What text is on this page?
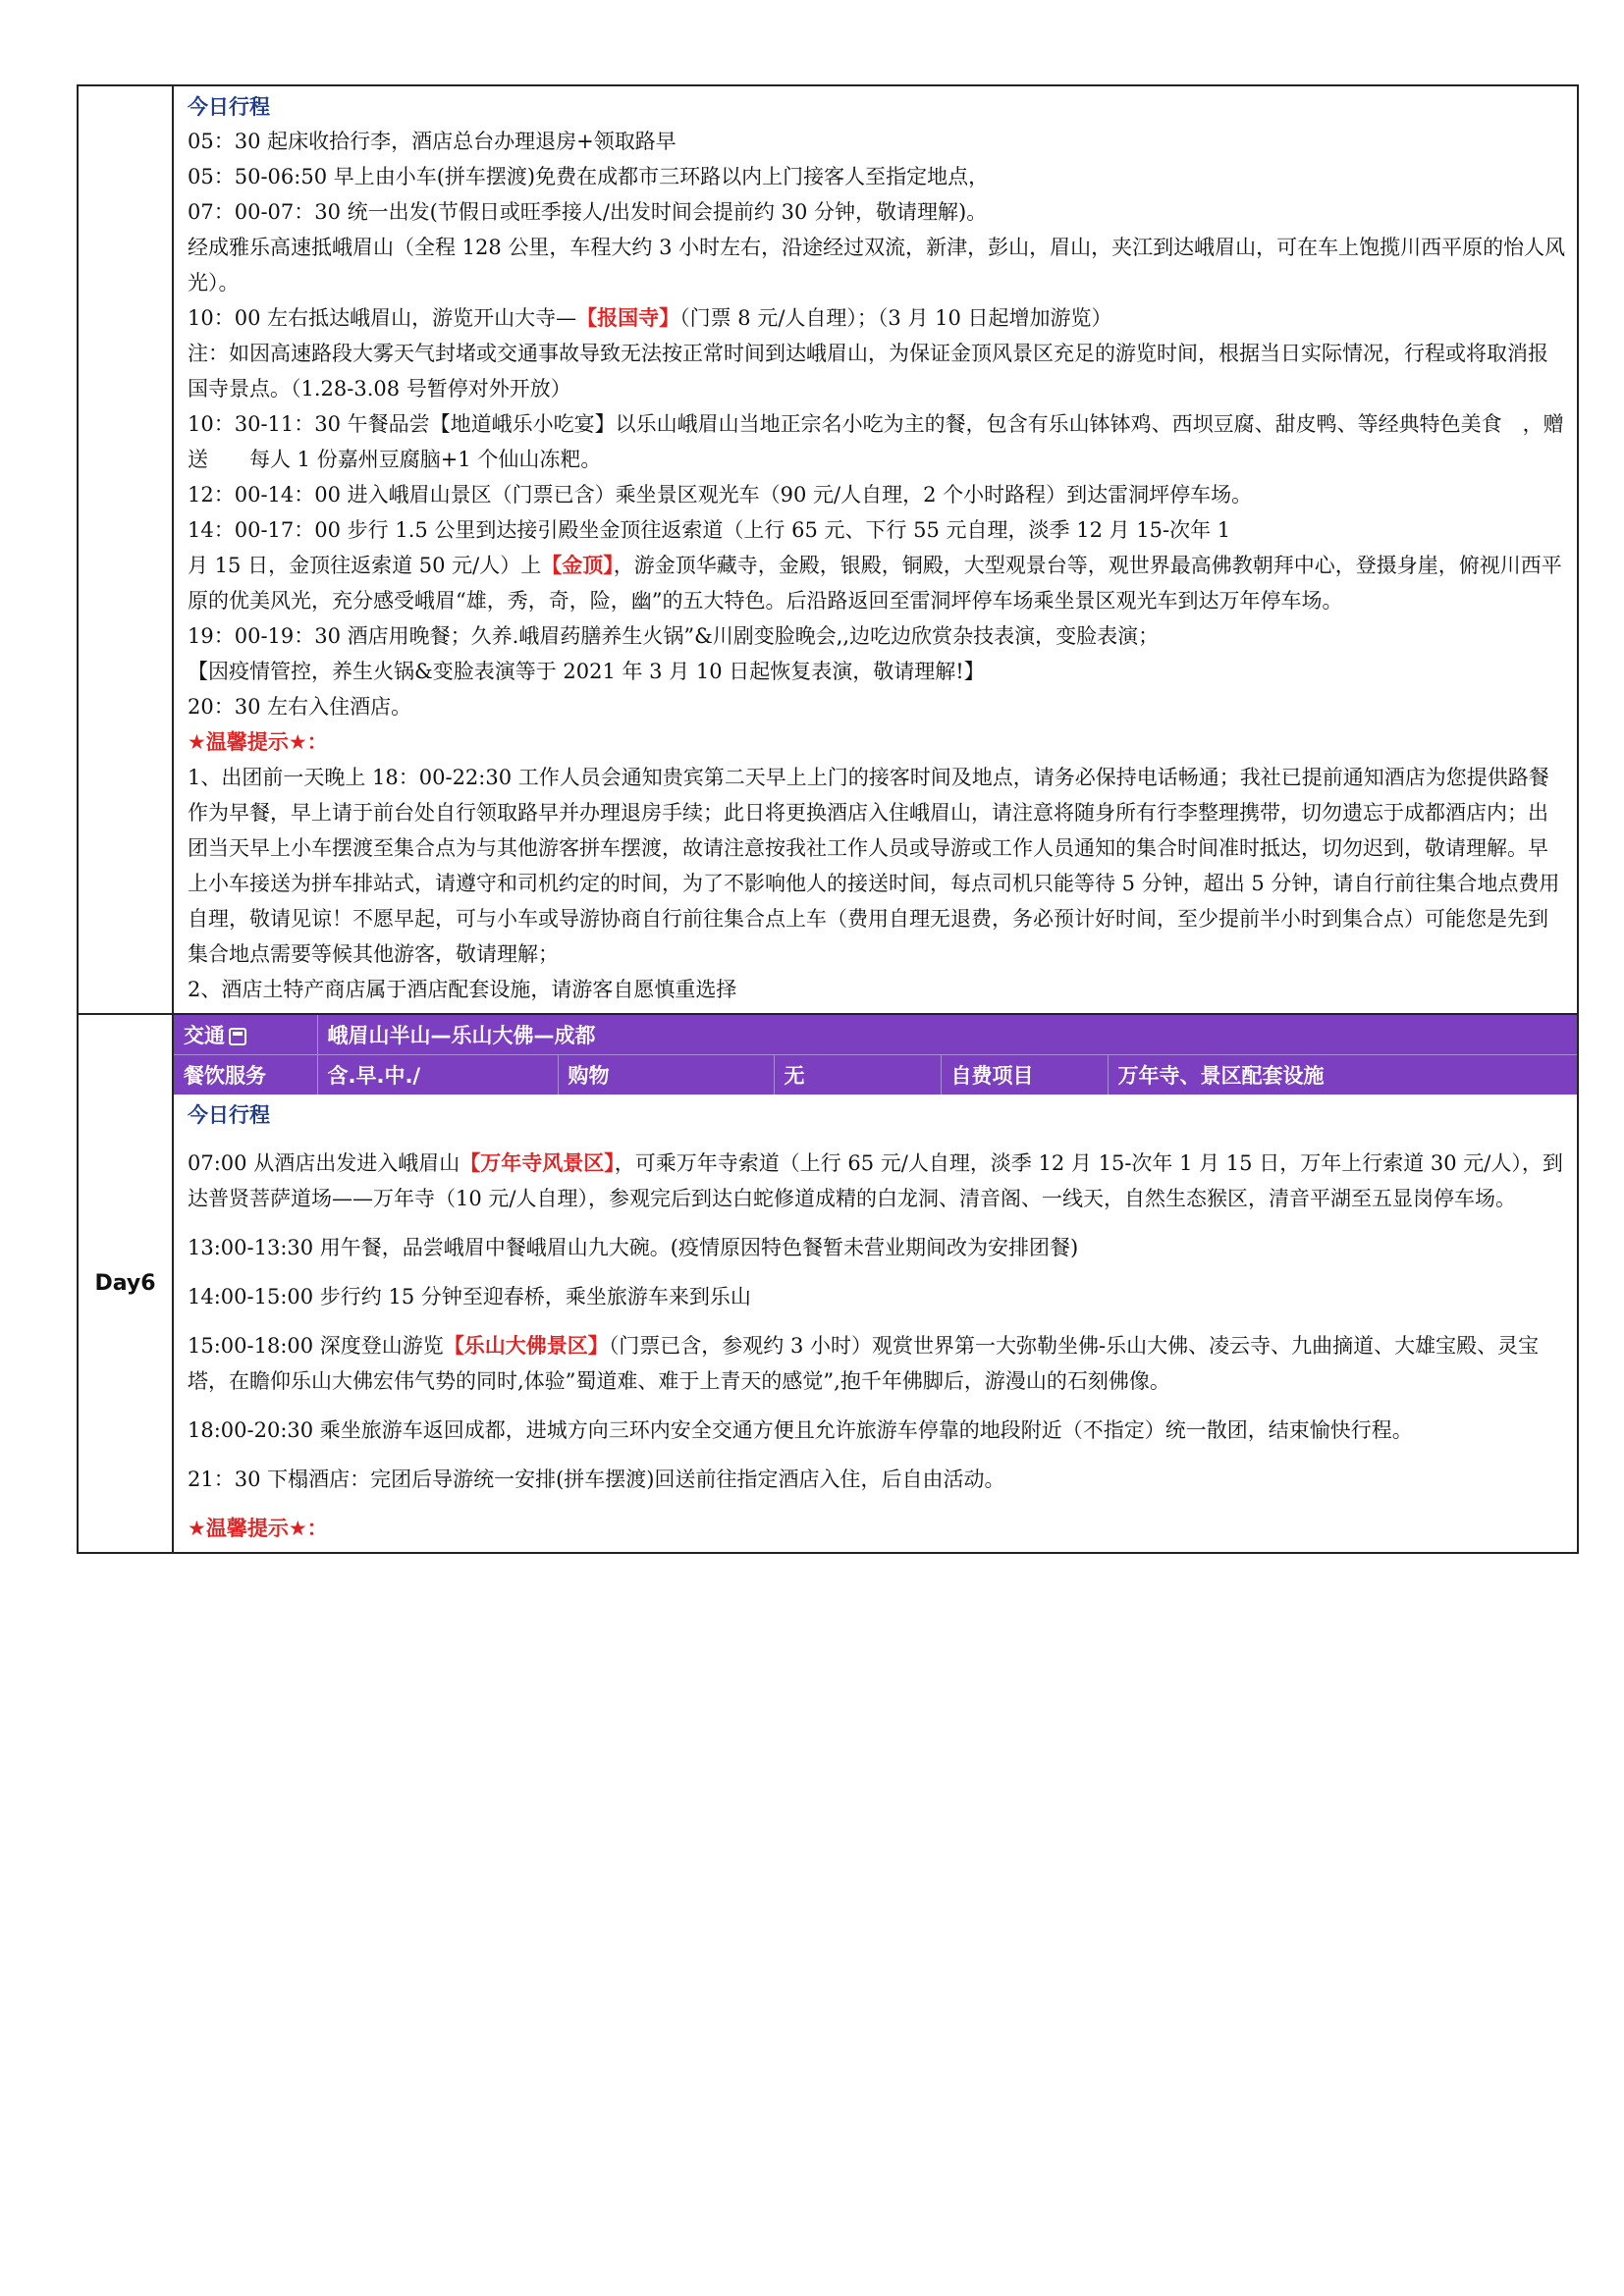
今日行程

05：30 起床收拾行李，酒店总台办理退房+领取路早

05：50-06:50 早上由小车(拼车摆渡)免费在成都市三环路以内上门接客人至指定地点，

07：00-07：30 统一出发(节假日或旺季接人/出发时间会提前约 30 分钟，敬请理解)。

经成雅乐高速抵峨眉山（全程 128 公里，车程大约 3 小时左右，沿途经过双流，新津，彭山，眉山，夹江到达峨眉山，可在车上饱揽川西平原的怡人风光）。

10：00 左右抵达峨眉山，游览开山大寺—【报国寺】（门票 8 元/人自理）；（3 月 10 日起增加游览）

注：如因高速路段大雾天气封堵或交通事故导致无法按正常时间到达峨眉山，为保证金顶风景区充足的游览时间，根据当日实际情况，行程或将取消报国寺景点。（1.28-3.08 号暂停对外开放）

10：30-11：30 午餐品尝【地道峨乐小吃宴】以乐山峨眉山当地正宗名小吃为主的餐，包含有乐山钵钵鸡、西坝豆腐、甜皮鸭、等经典特色美食　，赠送　　每人 1 份嘉州豆腐脑+1 个仙山冻粑。

12：00-14：00 进入峨眉山景区（门票已含）乘坐景区观光车（90 元/人自理，2 个小时路程）到达雷洞坪停车场。

14：00-17：00 步行 1.5 公里到达接引殿坐金顶往返索道（上行 65 元、下行 55 元自理，淡季 12 月 15-次年 1

月 15 日，金顶往返索道 50 元/人）上【金顶】，游金顶华藏寺，金殿，银殿，铜殿，大型观景台等，观世界最高佛教朝拜中心，登摄身崖，俯视川西平原的优美风光，充分感受峨眉“雄，秀，奇，险，幽”的五大特色。后沿路返回至雷洞坪停车场乘坐景区观光车到达万年停车场。

19：00-19：30 酒店用晚餐；久养.峨眉药膳养生火锅”&川剧变脸晚会,,边吃边欣赏杂技表演，变脸表演；

【因疫情管控，养生火锅&变脸表演等于 2021 年 3 月 10 日起恢复表演，敬请理解!】

20：30 左右入住酒店。

★温馨提示★：

1、出团前一天晚上 18：00-22:30 工作人员会通知贵宾第二天早上上门的接客时间及地点，请务必保持电话畅通；我社已提前通知酒店为您提供路餐作为早餐，早上请于前台处自行领取路早并办理退房手续；此日将更换酒店入住峨眉山，请注意将随身所有行李整理携带，切勿遗忘于成都酒店内；出团当天早上小车摆渡至集合点为与其他游客拼车摆渡，故请注意按我社工作人员或导游或工作人员通知的集合时间准时抵达，切勿迟到，敬请理解。早上小车接送为拼车排站式，请遵守和司机约定的时间，为了不影响他人的接送时间，每点司机只能等待 5 分钟，超出 5 分钟，请自行前往集合地点费用自理，敬请见谅！不愿早起，可与小车或导游协商自行前往集合点上车（费用自理无退费，务必预计好时间，至少提前半小时到集合点）可能您是先到集合地点需要等候其他游客，敬请理解；

2、酒店土特产商店属于酒店配套设施，请游客自愿慎重选择

Day6	
交通	峨眉山半山—乐山大佛—成都
餐饮服务	含.早.中./	购物	无	自费项目	万年寺、景区配套设施
今日行程

07:00 从酒店出发进入峨眉山【万年寺风景区】，可乘万年寺索道（上行 65 元/人自理，淡季 12 月 15-次年 1 月 15 日，万年上行索道 30 元/人），到达普贤菩萨道场——万年寺（10 元/人自理），参观完后到达白蛇修道成精的白龙洞、清音阁、一线天，自然生态猴区，清音平湖至五显岗停车场。

13:00-13:30 用午餐，品尝峨眉中餐峨眉山九大碗。(疫情原因特色餐暂未营业期间改为安排团餐)

14:00-15:00 步行约 15 分钟至迎春桥，乘坐旅游车来到乐山

15:00-18:00 深度登山游览【乐山大佛景区】（门票已含，参观约 3 小时）观赏世界第一大弥勒坐佛-乐山大佛、凌云寺、九曲摘道、大雄宝殿、灵宝塔，在瞻仰乐山大佛宏伟气势的同时,体验”蜀道难、难于上青天的感觉”,抱千年佛脚后，游漫山的石刻佛像。

18:00-20:30 乘坐旅游车返回成都，进城方向三环内安全交通方便且允许旅游车停靠的地段附近（不指定）统一散团，结束愉快行程。

21：30 下榻酒店：完团后导游统一安排(拼车摆渡)回送前往指定酒店入住，后自由活动。

★温馨提示★：
